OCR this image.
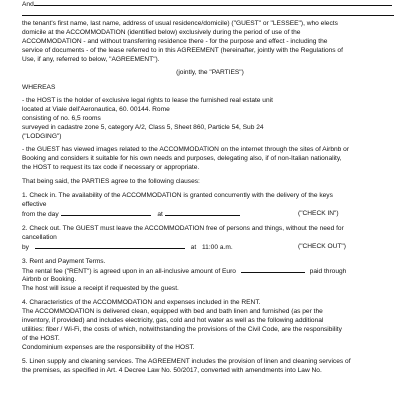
And

the tenant's first name, last name, address of usual residence/domicile) ("GUEST" or "LESSEE"), who elects

domicile at the ACCOMMODATION (identified below) exclusively during the period of use of the

ACCOMMODATION - and without transferring residence there - for the purpose and effect - including the

service of documents - of the lease referred to in this AGREEMENT (hereinafter, jointly with the Regulations of

Use, if any, referred to below, "AGREEMENT").

(jointly, the "PARTIES")

WHEREAS

- the HOST is the holder of exclusive legal rights to lease the furnished real estate unit

located at Viale dell'Aeronautica, 60. 00144. Rome

consisting of no. 6,5 rooms

surveyed in cadastre zone 5, category A/2, Class 5, Sheet 860, Particle 54, Sub 24

("LODGING")

- the GUEST has viewed images related to the ACCOMMODATION on the internet through the sites of Airbnb or

Booking and considers it suitable for his own needs and purposes, delegating also, if of non-Italian nationality,

the HOST to request its tax code if necessary or appropriate.

That being said, the PARTIES agree to the following clauses:

1. Check in. The availability of the ACCOMMODATION is granted concurrently with the delivery of the keys

effective

from the day	at	("CHECK IN")

2. Check out. The GUEST must leave the ACCOMMODATION free of persons and things, without the need for

cancellation

by	at 11:00 a.m.	("CHECK OUT")

3. Rent and Payment Terms.

The rental fee ("RENT") is agreed upon in an all-inclusive amount of Euro	paid through

Airbnb or Booking.

The host will issue a receipt if requested by the guest.

4. Characteristics of the ACCOMMODATION and expenses included in the RENT.

The ACCOMMODATION is delivered clean, equipped with bed and bath linen and furnished (as per the

inventory, if provided) and includes electricity, gas, cold and hot water as well as the following additional

utilities: fiber / Wi-Fi, the costs of which, notwithstanding the provisions of the Civil Code, are the responsibility

of the HOST.

Condominium expenses are the responsibility of the HOST.

5. Linen supply and cleaning services. The AGREEMENT includes the provision of linen and cleaning services of

the premises, as specified in Art. 4 Decree Law No. 50/2017, converted with amendments into Law No.
